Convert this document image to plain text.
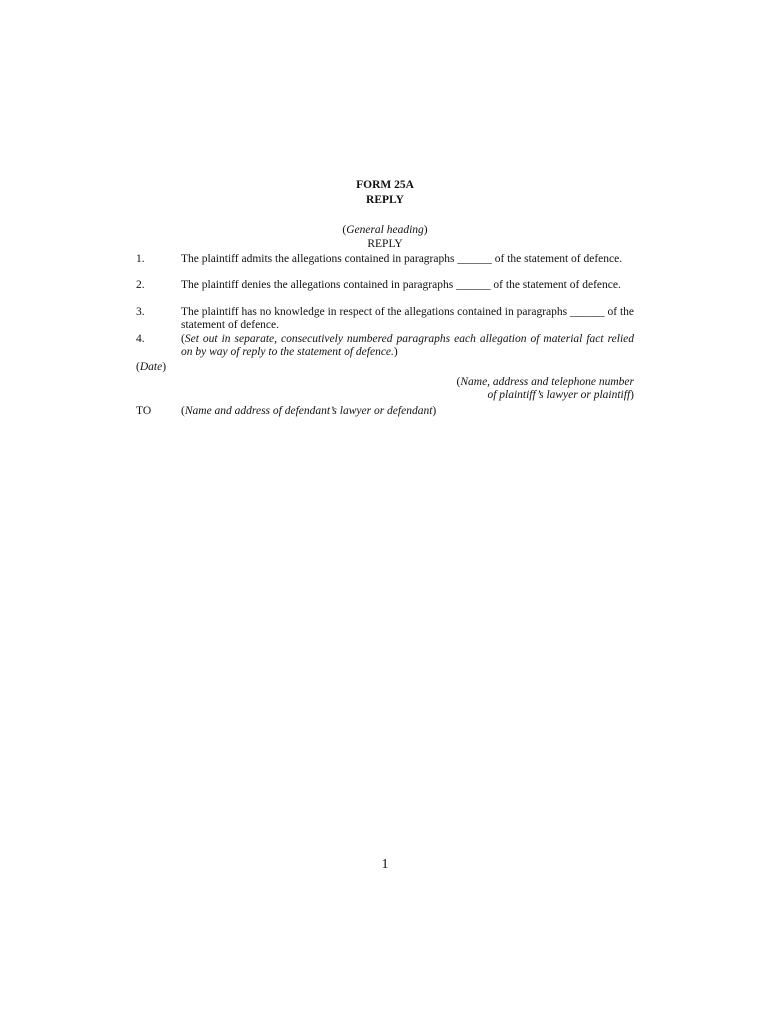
FORM 25A
REPLY
(General heading)
REPLY
1.	The plaintiff admits the allegations contained in paragraphs ______ of the statement of defence.
2.	The plaintiff denies the allegations contained in paragraphs ______ of the statement of defence.
3.	The plaintiff has no knowledge in respect of the allegations contained in paragraphs ______ of the statement of defence.
4.	(Set out in separate, consecutively numbered paragraphs each allegation of material fact relied on by way of reply to the statement of defence.)
(Date)
(Name, address and telephone number
of plaintiff’s lawyer or plaintiff)
TO	(Name and address of defendant’s lawyer or defendant)
1
